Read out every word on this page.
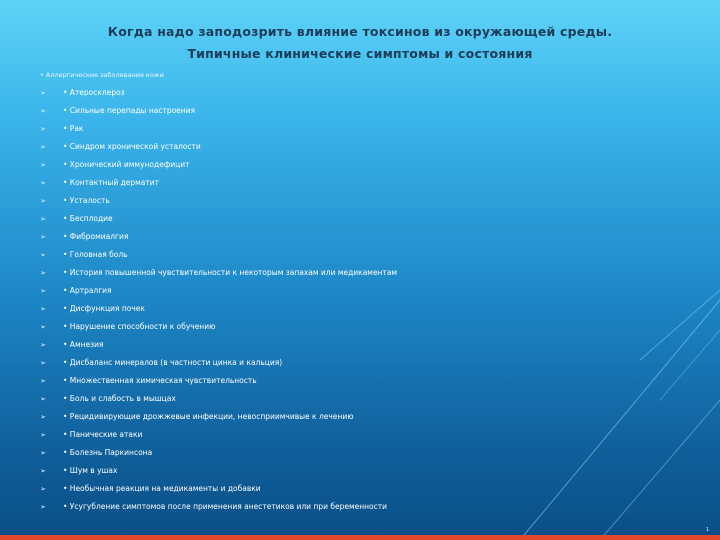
Когда надо заподозрить влияние токсинов из окружающей среды.
Типичные клинические симптомы и состояния
• Аллергические заболевания кожи
➢ • Атеросклероз
➢ • Сильные перепады настроения
➢ • Рак
➢ • Синдром хронической усталости
➢ • Хронический иммунодефицит
➢ • Контактный дерматит
➢ • Усталость
➢ • Бесплодие
➢ • Фибромиалгия
➢ • Головная боль
➢ • История повышенной чувствительности к некоторым запахам или медикаментам
➢ • Артралгия
➢ • Дисфункция почек
➢ • Нарушение способности к обучению
➢ • Амнезия
➢ • Дисбаланс минералов (в частности цинка и кальция)
➢ • Множественная химическая чувствительность
➢ • Боль и слабость в мышцах
➢ • Рецидивирующие дрожжевые инфекции, невосприимчивые к лечению
➢ • Панические атаки
➢ • Болезнь Паркинсона
➢ • Шум в ушах
➢ • Необычная реакция на медикаменты и добавки
➢ • Усугубление симптомов после применения анестетиков или при беременности
1
